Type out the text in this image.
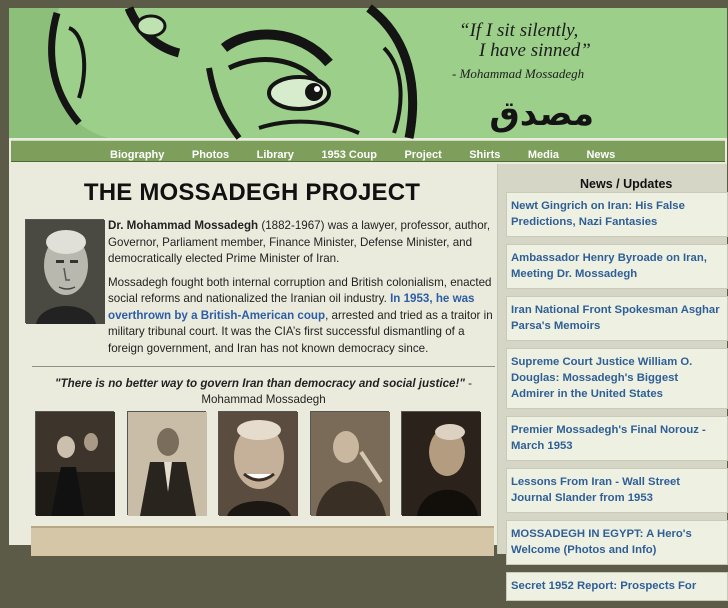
“If I sit silently,
I have sinned”
- Mohammad Mossadegh
مصدق
Biography Photos Library 1953 Coup Project Shirts Media News
THE MOSSADEGH PROJECT

Dr. Mohammad Mossadegh (1882-1967) was a lawyer, professor, author, Governor, Parliament member, Finance Minister, Defense Minister, and democratically elected Prime Minister of Iran.

Mossadegh fought both internal corruption and British colonialism, enacted social reforms and nationalized the Iranian oil industry. In 1953, he was overthrown by a British-American coup, arrested and tried as a traitor in military tribunal court. It was the CIA’s first successful dismantling of a foreign government, and Iran has not known democracy since.

"There is no better way to govern Iran than democracy and social justice!" - Mohammad Mossadegh
News / Updates
Newt Gingrich on Iran: His False Predictions, Nazi Fantasies
Ambassador Henry Byroade on Iran, Meeting Dr. Mossadegh
Iran National Front Spokesman Asghar Parsa's Memoirs
Supreme Court Justice William O. Douglas: Mossadegh's Biggest Admirer in the United States
Premier Mossadegh's Final Norouz - March 1953
Lessons From Iran - Wall Street Journal Slander from 1953
MOSSADEGH IN EGYPT: A Hero's Welcome (Photos and Info)
Secret 1952 Report: Prospects For
